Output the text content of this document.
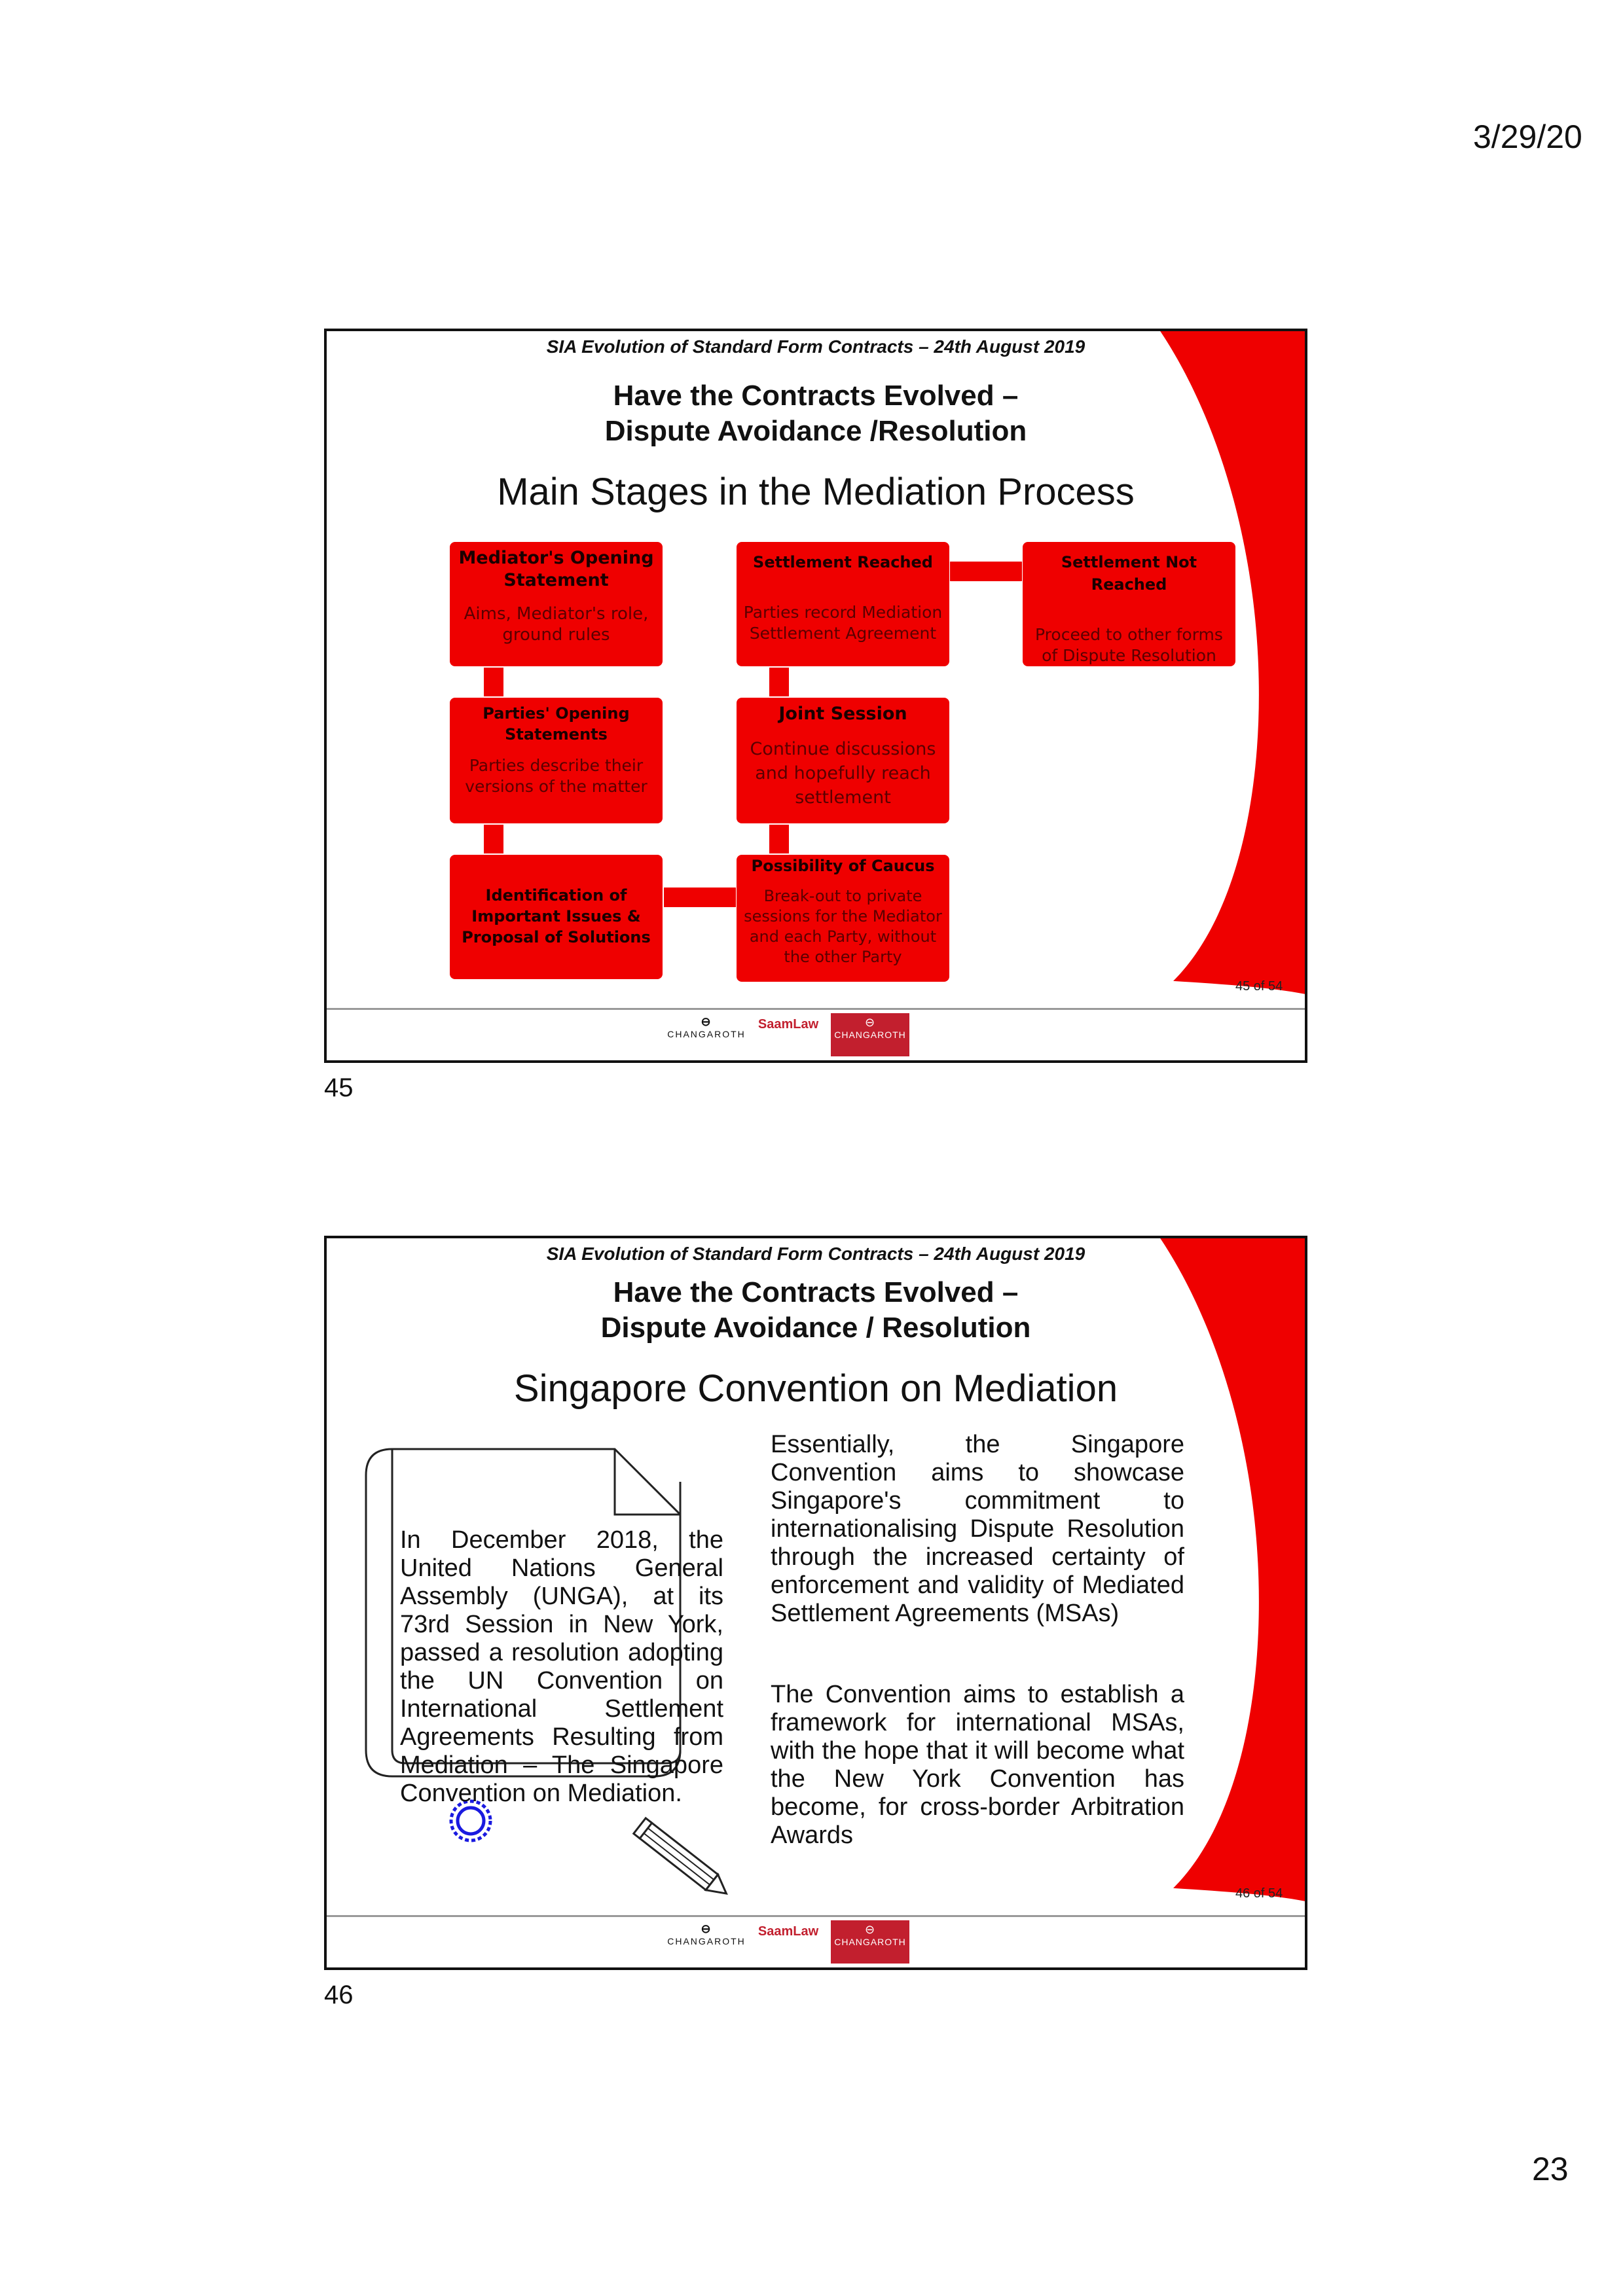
3/29/20
23
SIA Evolution of Standard Form Contracts – 24th August 2019
Have the Contracts Evolved –
Dispute Avoidance /Resolution
Main Stages in the Mediation Process
Mediator's Opening Statement
Aims, Mediator's role, ground rules
Parties' Opening Statements
Parties describe their versions of the matter
Identification of Important Issues & Proposal of Solutions
Possibility of Caucus
Break-out to private sessions for the Mediator and each Party, without the other Party
Joint Session
Continue discussions and hopefully reach settlement
Settlement Reached
Parties record Mediation Settlement Agreement
Settlement Not Reached
Proceed to other forms of Dispute Resolution
45 of 54
⊖
CHANGAROTH
SaamLaw	⊖
CHANGAROTH
45
SIA Evolution of Standard Form Contracts – 24th August 2019
Have the Contracts Evolved –
Dispute Avoidance / Resolution
Singapore Convention on Mediation
In December 2018, the United Nations General Assembly (UNGA), at its 73rd Session in New York, passed a resolution adopting the UN Convention on International Settlement Agreements Resulting from Mediation – The Singapore Convention on Mediation.
Essentially, the Singapore Convention aims to showcase Singapore's commitment to internationalising Dispute Resolution through the increased certainty of enforcement and validity of Mediated Settlement Agreements (MSAs)
The Convention aims to establish a framework for international MSAs, with the hope that it will become what the New York Convention has become, for cross-border Arbitration Awards
46 of 54
⊖
CHANGAROTH
SaamLaw	⊖
CHANGAROTH
46
